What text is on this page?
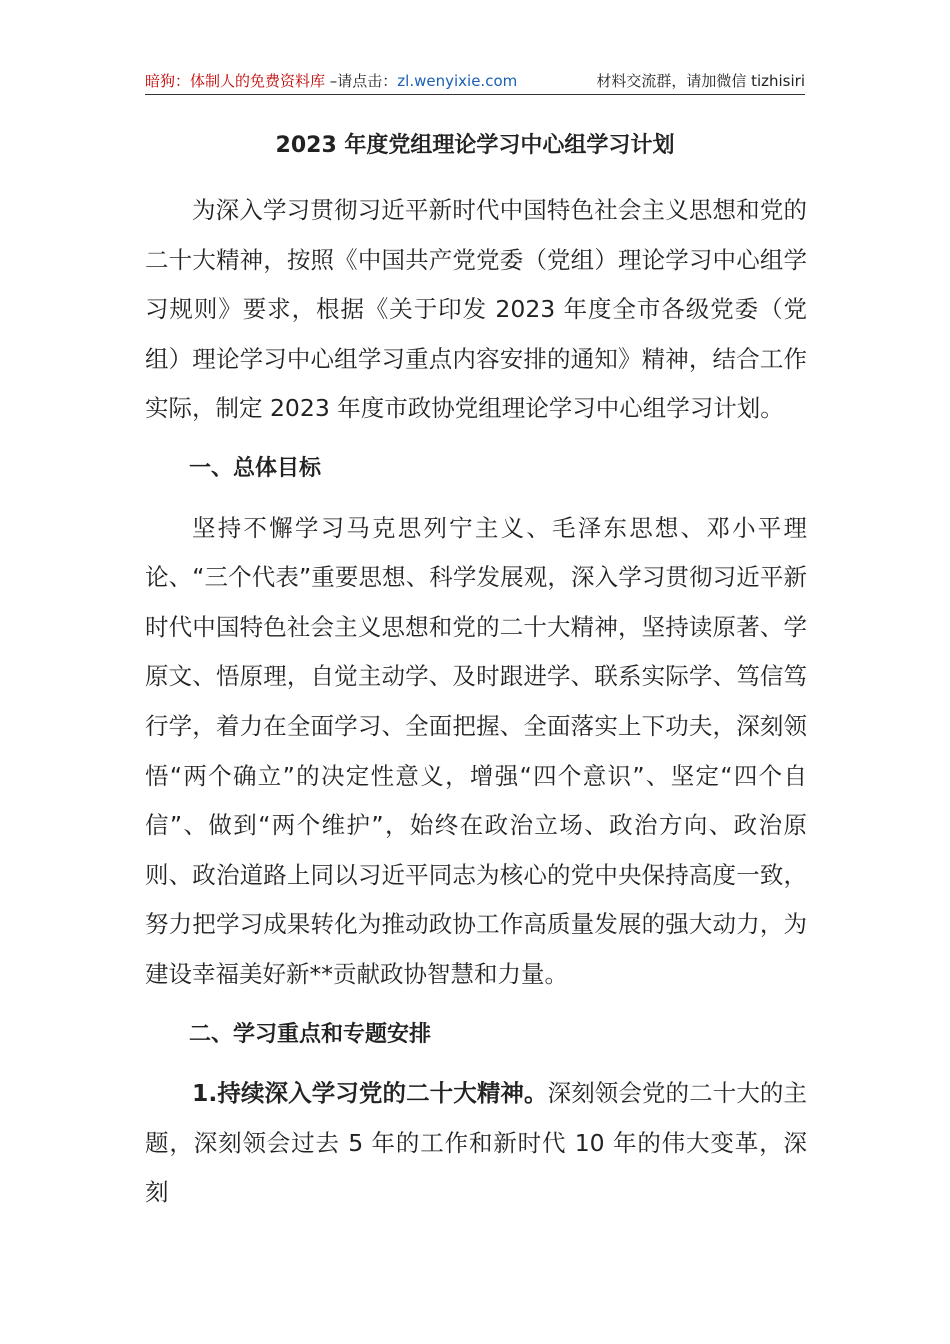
暗狗：体制人的免费资料库 –请点击：zl.wenyixie.com	材料交流群，请加微信 tizhisiri
2023 年度党组理论学习中心组学习计划

为深入学习贯彻习近平新时代中国特色社会主义思想和党的二十大精神，按照《中国共产党党委（党组）理论学习中心组学习规则》要求，根据《关于印发 2023 年度全市各级党委（党组）理论学习中心组学习重点内容安排的通知》精神，结合工作实际，制定 2023 年度市政协党组理论学习中心组学习计划。

一、总体目标

坚持不懈学习马克思列宁主义、毛泽东思想、邓小平理论、“三个代表”重要思想、科学发展观，深入学习贯彻习近平新时代中国特色社会主义思想和党的二十大精神，坚持读原著、学原文、悟原理，自觉主动学、及时跟进学、联系实际学、笃信笃行学，着力在全面学习、全面把握、全面落实上下功夫，深刻领悟“两个确立”的决定性意义，增强“四个意识”、坚定“四个自信”、做到“两个维护”，始终在政治立场、政治方向、政治原则、政治道路上同以习近平同志为核心的党中央保持高度一致，努力把学习成果转化为推动政协工作高质量发展的强大动力，为建设幸福美好新**贡献政协智慧和力量。

二、学习重点和专题安排

1.持续深入学习党的二十大精神。深刻领会党的二十大的主题，深刻领会过去 5 年的工作和新时代 10 年的伟大变革，深刻
